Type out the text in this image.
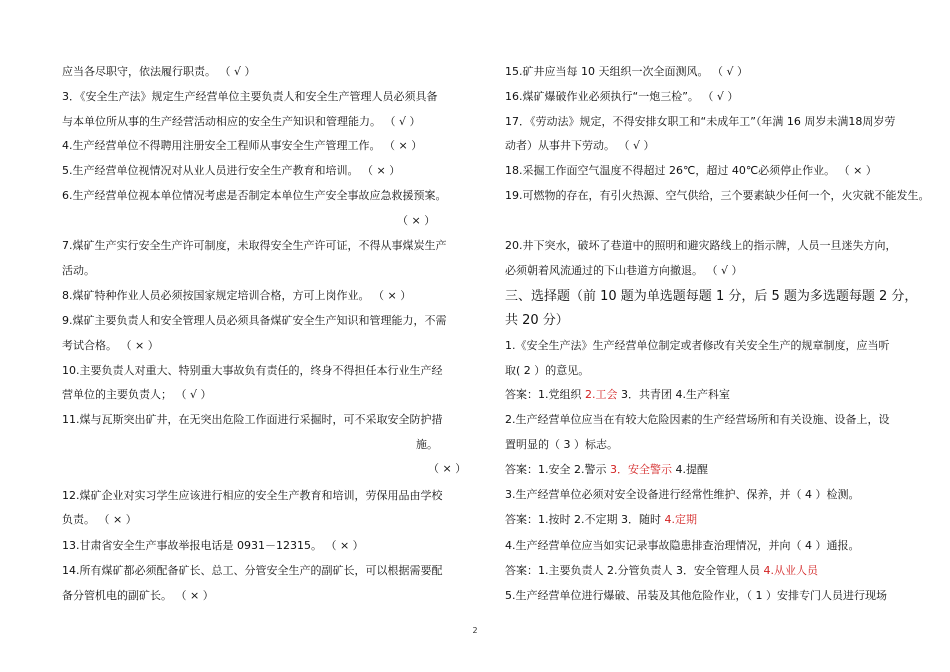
应当各尽职守，依法履行职责。 （ √ ）
3．《安全生产法》规定生产经营单位主要负责人和安全生产管理人员必须具备
与本单位所从事的生产经营活动相应的安全生产知识和管理能力。 （ √ ）
4.生产经营单位不得聘用注册安全工程师从事安全生产管理工作。 （ × ）
5.生产经营单位视情况对从业人员进行安全生产教育和培训。 （ × ）
6.生产经营单位视本单位情况考虑是否制定本单位生产安全事故应急救援预案。
（ × ）
7.煤矿生产实行安全生产许可制度，未取得安全生产许可证，不得从事煤炭生产
活动。
8.煤矿特种作业人员必须按国家规定培训合格，方可上岗作业。 （ × ）
9.煤矿主要负责人和安全管理人员必须具备煤矿安全生产知识和管理能力，不需
考试合格。 （ × ）
10.主要负责人对重大、特别重大事故负有责任的，终身不得担任本行业生产经
营单位的主要负责人； （ √ ）
11.煤与瓦斯突出矿井，在无突出危险工作面进行采掘时，可不采取安全防护措
施。
（ × ）
12.煤矿企业对实习学生应该进行相应的安全生产教育和培训，劳保用品由学校
负责。 （ × ）
13.甘肃省安全生产事故举报电话是 0931－12315。 （ × ）
14.所有煤矿都必须配备矿长、总工、分管安全生产的副矿长，可以根据需要配
备分管机电的副矿长。 （ × ）
15.矿井应当每 10 天组织一次全面测风。 （ √ ）
16.煤矿爆破作业必须执行“一炮三检”。 （ √ ）
17．《劳动法》规定，不得安排女职工和“未成年工”（年满 16 周岁未满18周岁劳
动者）从事井下劳动。 （ √ ）
18.采掘工作面空气温度不得超过 26℃，超过 40℃必须停止作业。 （ × ）
19.可燃物的存在，有引火热源、空气供给，三个要素缺少任何一个，火灾就不能发生。
20.井下突水，破坏了巷道中的照明和避灾路线上的指示牌，人员一旦迷失方向，
必须朝着风流通过的下山巷道方向撤退。 （ √ ）
三、选择题（前 10 题为单选题每题 1 分，后 5 题为多选题每题 2 分，
共 20 分）
1.《安全生产法》生产经营单位制定或者修改有关安全生产的规章制度，应当听
取( 2 ）的意见。
答案：1.党组织 2.工会 3．共青团 4.生产科室
2.生产经营单位应当在有较大危险因素的生产经营场所和有关设施、设备上，设
置明显的（ 3 ）标志。
答案：1.安全 2.警示 3．安全警示 4.提醒
3.生产经营单位必须对安全设备进行经常性维护、保养，并（ 4 ）检测。
答案：1.按时 2.不定期 3．随时 4.定期
4.生产经营单位应当如实记录事故隐患排查治理情况，并向（ 4 ）通报。
答案：1.主要负责人 2.分管负责人 3．安全管理人员 4.从业人员
5.生产经营单位进行爆破、吊装及其他危险作业，（ 1 ）安排专门人员进行现场
2
